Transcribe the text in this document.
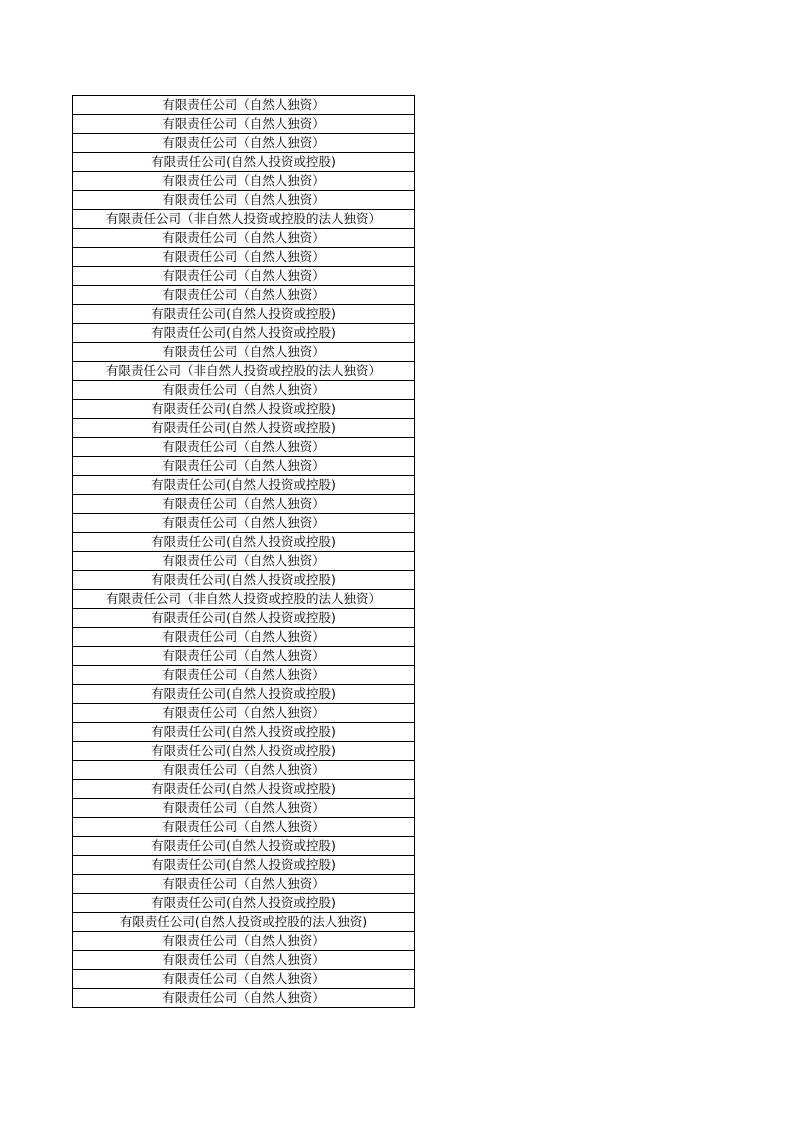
有限责任公司（自然人独资）
有限责任公司（自然人独资）
有限责任公司（自然人独资）
有限责任公司(自然人投资或控股)
有限责任公司（自然人独资）
有限责任公司（自然人独资）
有限责任公司（非自然人投资或控股的法人独资）
有限责任公司（自然人独资）
有限责任公司（自然人独资）
有限责任公司（自然人独资）
有限责任公司（自然人独资）
有限责任公司(自然人投资或控股)
有限责任公司(自然人投资或控股)
有限责任公司（自然人独资）
有限责任公司（非自然人投资或控股的法人独资）
有限责任公司（自然人独资）
有限责任公司(自然人投资或控股)
有限责任公司(自然人投资或控股)
有限责任公司（自然人独资）
有限责任公司（自然人独资）
有限责任公司(自然人投资或控股)
有限责任公司（自然人独资）
有限责任公司（自然人独资）
有限责任公司(自然人投资或控股)
有限责任公司（自然人独资）
有限责任公司(自然人投资或控股)
有限责任公司（非自然人投资或控股的法人独资）
有限责任公司(自然人投资或控股)
有限责任公司（自然人独资）
有限责任公司（自然人独资）
有限责任公司（自然人独资）
有限责任公司(自然人投资或控股)
有限责任公司（自然人独资）
有限责任公司(自然人投资或控股)
有限责任公司(自然人投资或控股)
有限责任公司（自然人独资）
有限责任公司(自然人投资或控股)
有限责任公司（自然人独资）
有限责任公司（自然人独资）
有限责任公司(自然人投资或控股)
有限责任公司(自然人投资或控股)
有限责任公司（自然人独资）
有限责任公司(自然人投资或控股)
有限责任公司(自然人投资或控股的法人独资)
有限责任公司（自然人独资）
有限责任公司（自然人独资）
有限责任公司（自然人独资）
有限责任公司（自然人独资）
